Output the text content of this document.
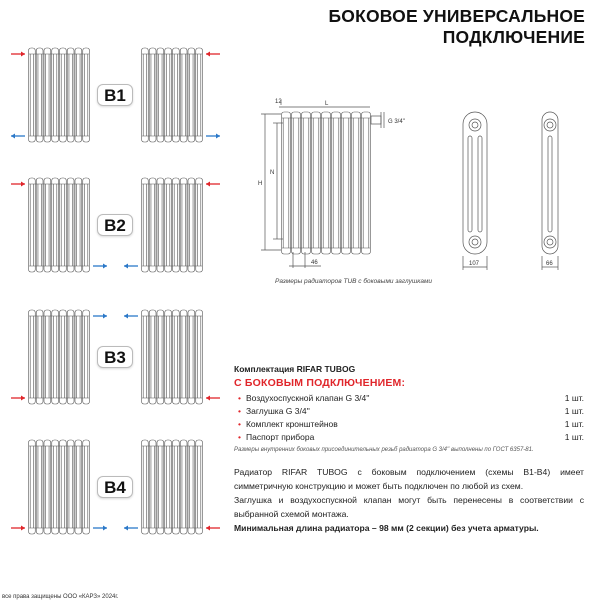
БОКОВОЕ УНИВЕРСАЛЬНОЕ
ПОДКЛЮЧЕНИЕ
B1
B2
B3
B4
12	L
H
N
46
G 3/4''
107	66
Размеры радиаторов TUB с боковыми заглушками
Комплектация RIFAR TUBOG
С БОКОВЫМ ПОДКЛЮЧЕНИЕМ:
• Воздухоспускной клапан G 3/4''	1 шт.
• Заглушка G 3/4''	1 шт.
• Комплект кронштейнов	1 шт.
• Паспорт прибора	1 шт.
Размеры внутренних боковых присоединительных резьб радиатора G 3/4'' выполнены по ГОСТ 6357-81.
Радиатор RIFAR TUBOG с боковым подключением (схемы В1-В4) имеет симметричную конструкцию и может быть подключен по любой из схем.
Заглушка и воздухоспускной клапан могут быть перенесены в соответствии с выбранной схемой монтажа.
Минимальная длина радиатора – 98 мм (2 секции) без учета арматуры.
все права защищены ООО «КАРЗ» 2024г.
